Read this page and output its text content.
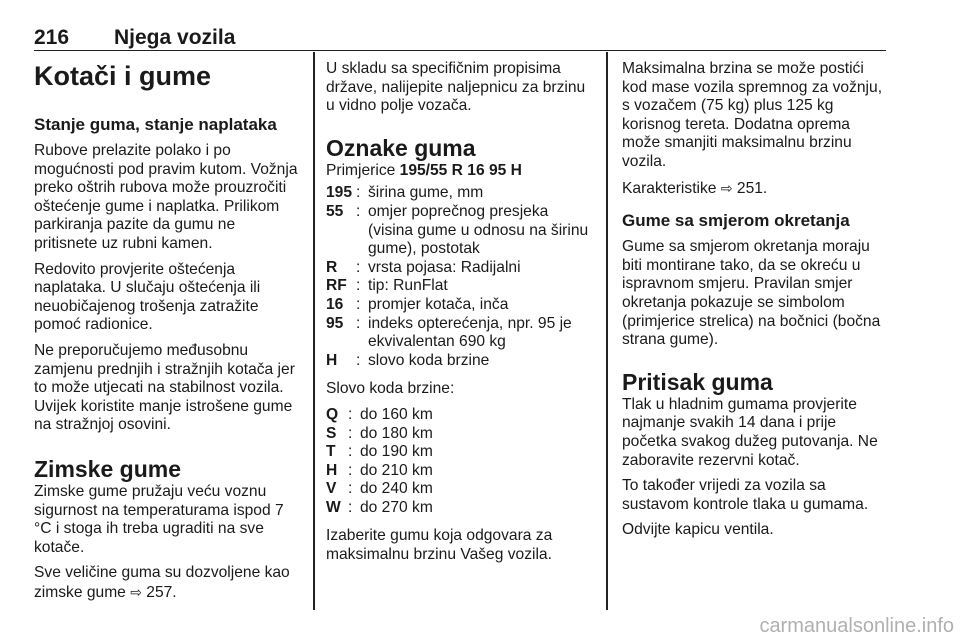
216 Njega vozila
Kotači i gume
Stanje guma, stanje naplataka

Rubove prelazite polako i po mogućnosti pod pravim kutom. Vožnja preko oštrih rubova može prouzročiti oštećenje gume i naplatka. Prilikom parkiranja pazite da gumu ne pritisnete uz rubni kamen.

Redovito provjerite oštećenja naplataka. U slučaju oštećenja ili neuobičajenog trošenja zatražite pomoć radionice.

Ne preporučujemo međusobnu zamjenu prednjih i stražnjih kotača jer to može utjecati na stabilnost vozila. Uvijek koristite manje istrošene gume na stražnjoj osovini.

Zimske gume

Zimske gume pružaju veću voznu sigurnost na temperaturama ispod 7 °C i stoga ih treba ugraditi na sve kotače.

Sve veličine guma su dozvoljene kao zimske gume ⇨ 257.

U skladu sa specifičnim propisima države, nalijepite naljepnicu za brzinu u vidno polje vozača.

Oznake guma

Primjerice 195/55 R 16 95 H

195 : širina gume, mm
55 : omjer poprečnog presjeka (visina gume u odnosu na širinu gume), postotak
R	: vrsta pojasa: Radijalni
RF : tip: RunFlat
16 : promjer kotača, inča
95 : indeks opterećenja, npr. 95 je ekvivalentan 690 kg
H	: slovo koda brzine

Slovo koda brzine:

Q : do 160 km
S : do 180 km
T : do 190 km
H : do 210 km
V : do 240 km
W : do 270 km

Izaberite gumu koja odgovara za maksimalnu brzinu Vašeg vozila.

Maksimalna brzina se može postići kod mase vozila spremnog za vožnju, s vozačem (75 kg) plus 125 kg korisnog tereta. Dodatna oprema može smanjiti maksimalnu brzinu vozila.

Karakteristike ⇨ 251.

Gume sa smjerom okretanja

Gume sa smjerom okretanja moraju biti montirane tako, da se okreću u ispravnom smjeru. Pravilan smjer okretanja pokazuje se simbolom (primjerice strelica) na bočnici (bočna strana gume).

Pritisak guma

Tlak u hladnim gumama provjerite najmanje svakih 14 dana i prije početka svakog dužeg putovanja. Ne zaboravite rezervni kotač.

To također vrijedi za vozila sa sustavom kontrole tlaka u gumama.

Odvijte kapicu ventila.

carmanualsonline.info
